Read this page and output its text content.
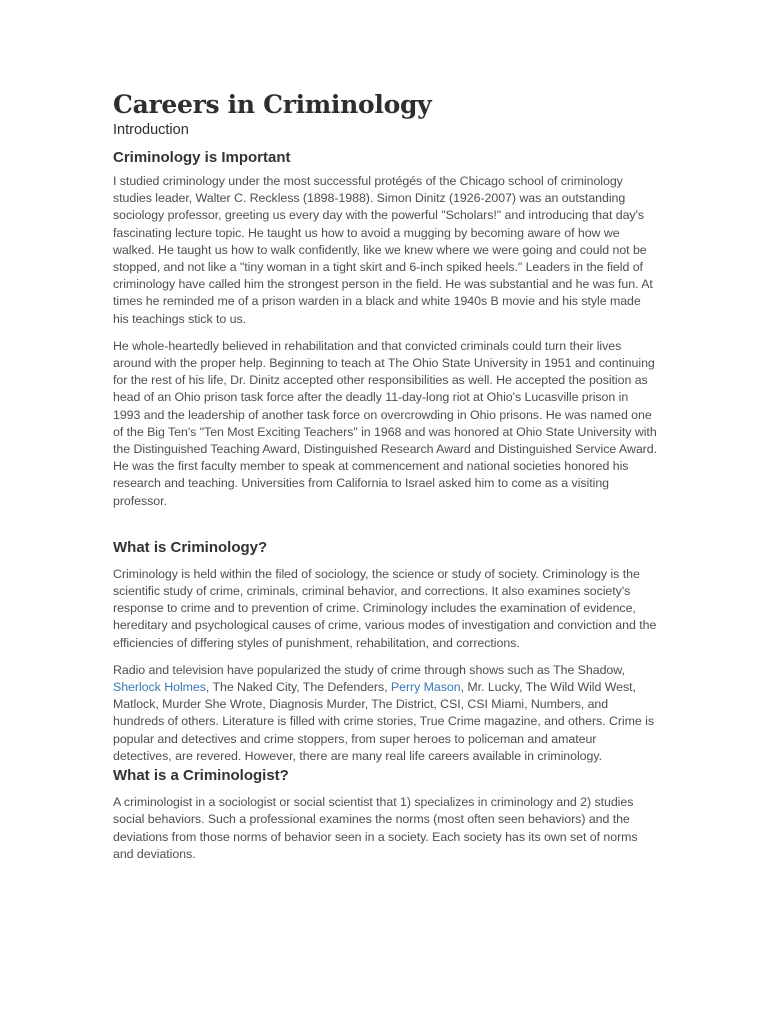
Careers in Criminology
Introduction
Criminology is Important

I studied criminology under the most successful protégés of the Chicago school of criminology studies leader, Walter C. Reckless (1898-1988). Simon Dinitz (1926-2007) was an outstanding sociology professor, greeting us every day with the powerful "Scholars!" and introducing that day's fascinating lecture topic. He taught us how to avoid a mugging by becoming aware of how we walked. He taught us how to walk confidently, like we knew where we were going and could not be stopped, and not like a "tiny woman in a tight skirt and 6-inch spiked heels." Leaders in the field of criminology have called him the strongest person in the field. He was substantial and he was fun. At times he reminded me of a prison warden in a black and white 1940s B movie and his style made his teachings stick to us.

He whole-heartedly believed in rehabilitation and that convicted criminals could turn their lives around with the proper help. Beginning to teach at The Ohio State University in 1951 and continuing for the rest of his life, Dr. Dinitz accepted other responsibilities as well. He accepted the position as head of an Ohio prison task force after the deadly 11-day-long riot at Ohio's Lucasville prison in 1993 and the leadership of another task force on overcrowding in Ohio prisons. He was named one of the Big Ten's "Ten Most Exciting Teachers" in 1968 and was honored at Ohio State University with the Distinguished Teaching Award, Distinguished Research Award and Distinguished Service Award. He was the first faculty member to speak at commencement and national societies honored his research and teaching. Universities from California to Israel asked him to come as a visiting professor.

What is Criminology?

Criminology is held within the filed of sociology, the science or study of society. Criminology is the scientific study of crime, criminals, criminal behavior, and corrections. It also examines society's response to crime and to prevention of crime. Criminology includes the examination of evidence, hereditary and psychological causes of crime, various modes of investigation and conviction and the efficiencies of differing styles of punishment, rehabilitation, and corrections.

Radio and television have popularized the study of crime through shows such as The Shadow, Sherlock Holmes, The Naked City, The Defenders, Perry Mason, Mr. Lucky, The Wild Wild West, Matlock, Murder She Wrote, Diagnosis Murder, The District, CSI, CSI Miami, Numbers, and hundreds of others. Literature is filled with crime stories, True Crime magazine, and others. Crime is popular and detectives and crime stoppers, from super heroes to policeman and amateur detectives, are revered. However, there are many real life careers available in criminology.

What is a Criminologist?

A criminologist in a sociologist or social scientist that 1) specializes in criminology and 2) studies social behaviors. Such a professional examines the norms (most often seen behaviors) and the deviations from those norms of behavior seen in a society. Each society has its own set of norms and deviations.
